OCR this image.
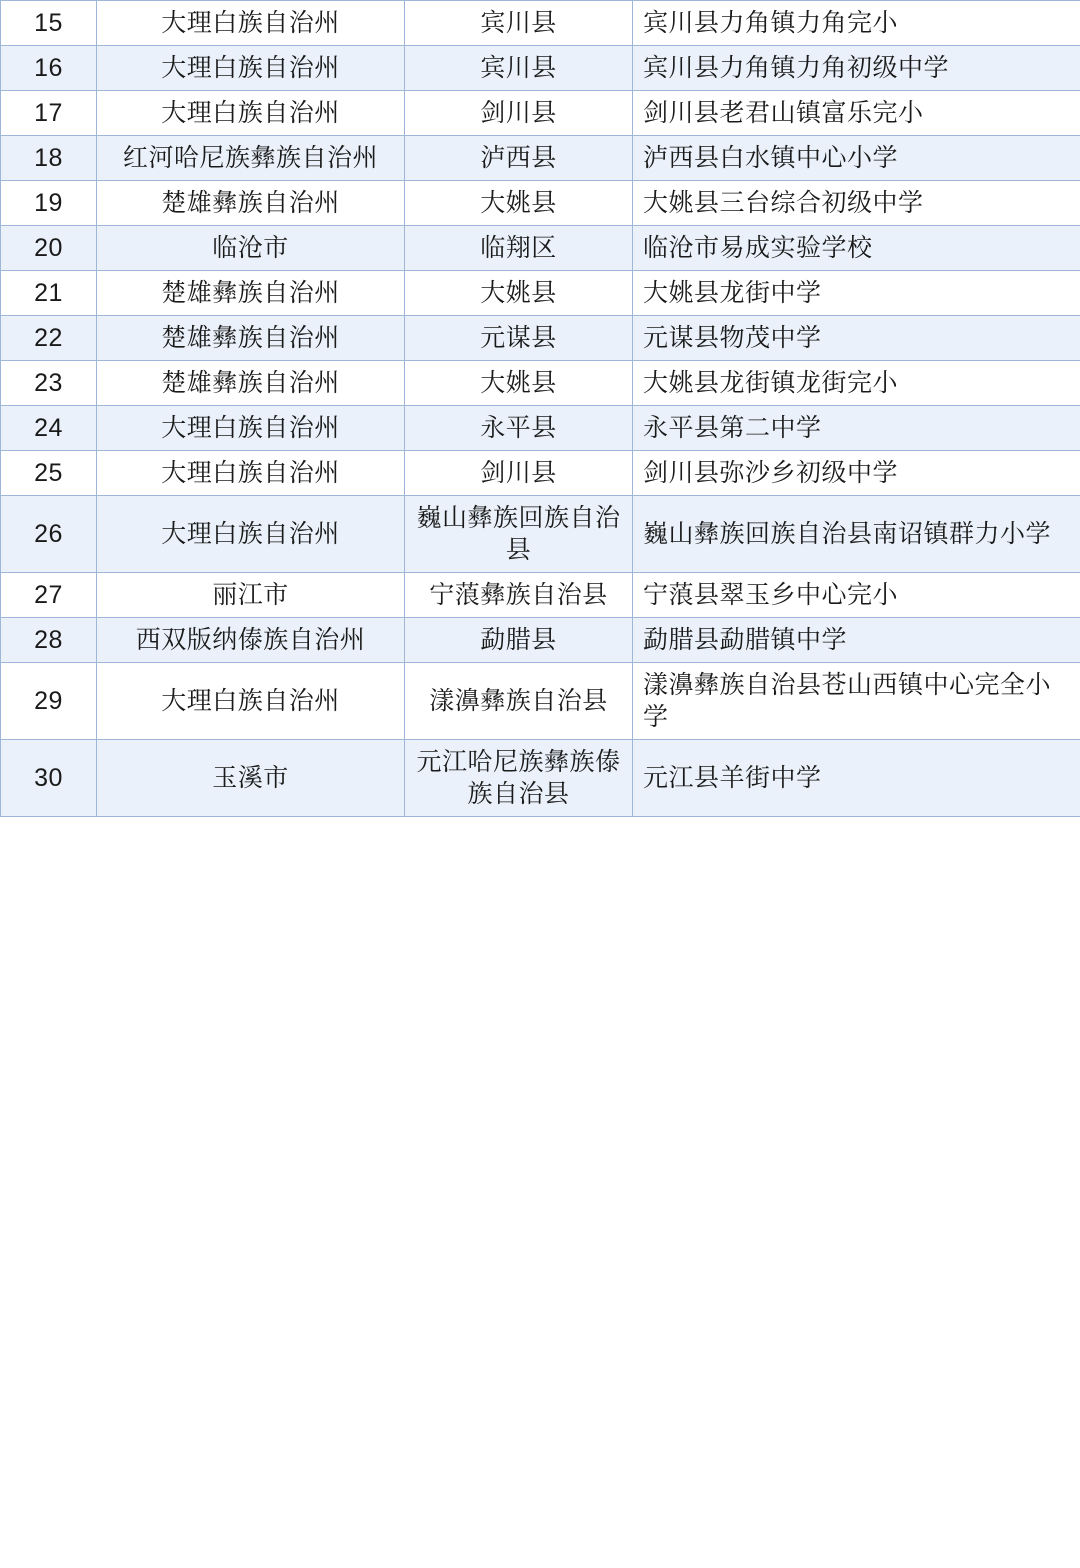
15	大理白族自治州	宾川县	宾川县力角镇力角完小
16	大理白族自治州	宾川县	宾川县力角镇力角初级中学
17	大理白族自治州	剑川县	剑川县老君山镇富乐完小
18	红河哈尼族彝族自治州	泸西县	泸西县白水镇中心小学
19	楚雄彝族自治州	大姚县	大姚县三台综合初级中学
20	临沧市	临翔区	临沧市易成实验学校
21	楚雄彝族自治州	大姚县	大姚县龙街中学
22	楚雄彝族自治州	元谋县	元谋县物茂中学
23	楚雄彝族自治州	大姚县	大姚县龙街镇龙街完小
24	大理白族自治州	永平县	永平县第二中学
25	大理白族自治州	剑川县	剑川县弥沙乡初级中学
26	大理白族自治州	巍山彝族回族自治县	巍山彝族回族自治县南诏镇群力小学
27	丽江市	宁蒗彝族自治县	宁蒗县翠玉乡中心完小
28	西双版纳傣族自治州	勐腊县	勐腊县勐腊镇中学
29	大理白族自治州	漾濞彝族自治县	漾濞彝族自治县苍山西镇中心完全小学
30	玉溪市	元江哈尼族彝族傣族自治县	元江县羊街中学
